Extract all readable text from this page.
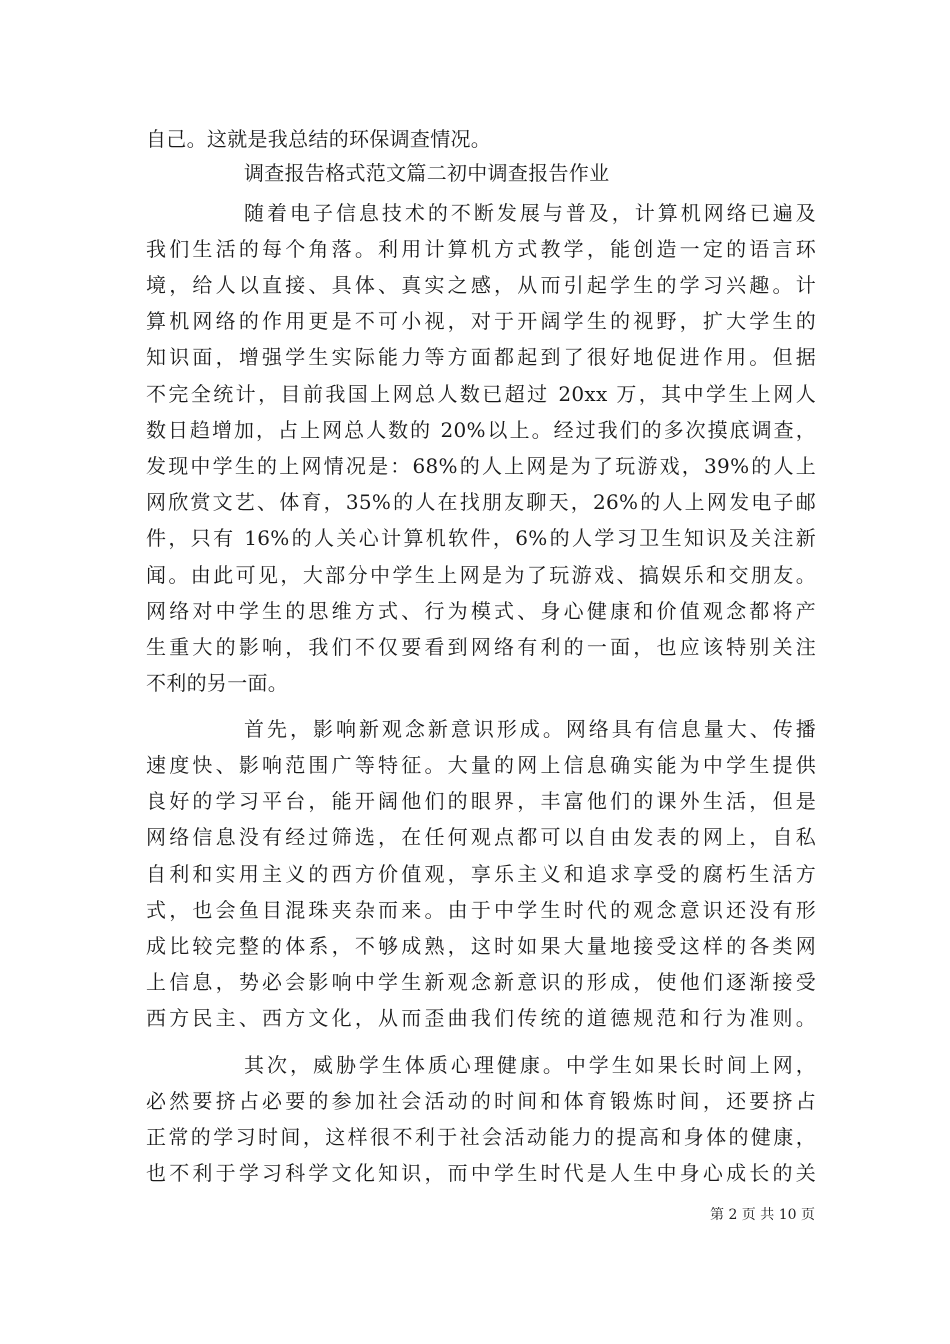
自己。这就是我总结的环保调查情况。
调查报告格式范文篇二初中调查报告作业
随着电子信息技术的不断发展与普及，计算机网络已遍及
我们生活的每个角落。利用计算机方式教学，能创造一定的语言环
境，给人以直接、具体、真实之感，从而引起学生的学习兴趣。计
算机网络的作用更是不可小视，对于开阔学生的视野，扩大学生的
知识面，增强学生实际能力等方面都起到了很好地促进作用。但据
不完全统计，目前我国上网总人数已超过 20xx 万，其中学生上网人
数日趋增加，占上网总人数的 20%以上。经过我们的多次摸底调查，
发现中学生的上网情况是：68%的人上网是为了玩游戏，39%的人上
网欣赏文艺、体育，35%的人在找朋友聊天，26%的人上网发电子邮
件，只有 16%的人关心计算机软件，6%的人学习卫生知识及关注新
闻。由此可见，大部分中学生上网是为了玩游戏、搞娱乐和交朋友。
网络对中学生的思维方式、行为模式、身心健康和价值观念都将产
生重大的影响，我们不仅要看到网络有利的一面，也应该特别关注
不利的另一面。
首先，影响新观念新意识形成。网络具有信息量大、传播
速度快、影响范围广等特征。大量的网上信息确实能为中学生提供
良好的学习平台，能开阔他们的眼界，丰富他们的课外生活，但是
网络信息没有经过筛选，在任何观点都可以自由发表的网上，自私
自利和实用主义的西方价值观，享乐主义和追求享受的腐朽生活方
式，也会鱼目混珠夹杂而来。由于中学生时代的观念意识还没有形
成比较完整的体系，不够成熟，这时如果大量地接受这样的各类网
上信息，势必会影响中学生新观念新意识的形成，使他们逐渐接受
西方民主、西方文化，从而歪曲我们传统的道德规范和行为准则。
其次，威胁学生体质心理健康。中学生如果长时间上网，
必然要挤占必要的参加社会活动的时间和体育锻炼时间，还要挤占
正常的学习时间，这样很不利于社会活动能力的提高和身体的健康，
也不利于学习科学文化知识，而中学生时代是人生中身心成长的关
第 2 页 共 10 页
